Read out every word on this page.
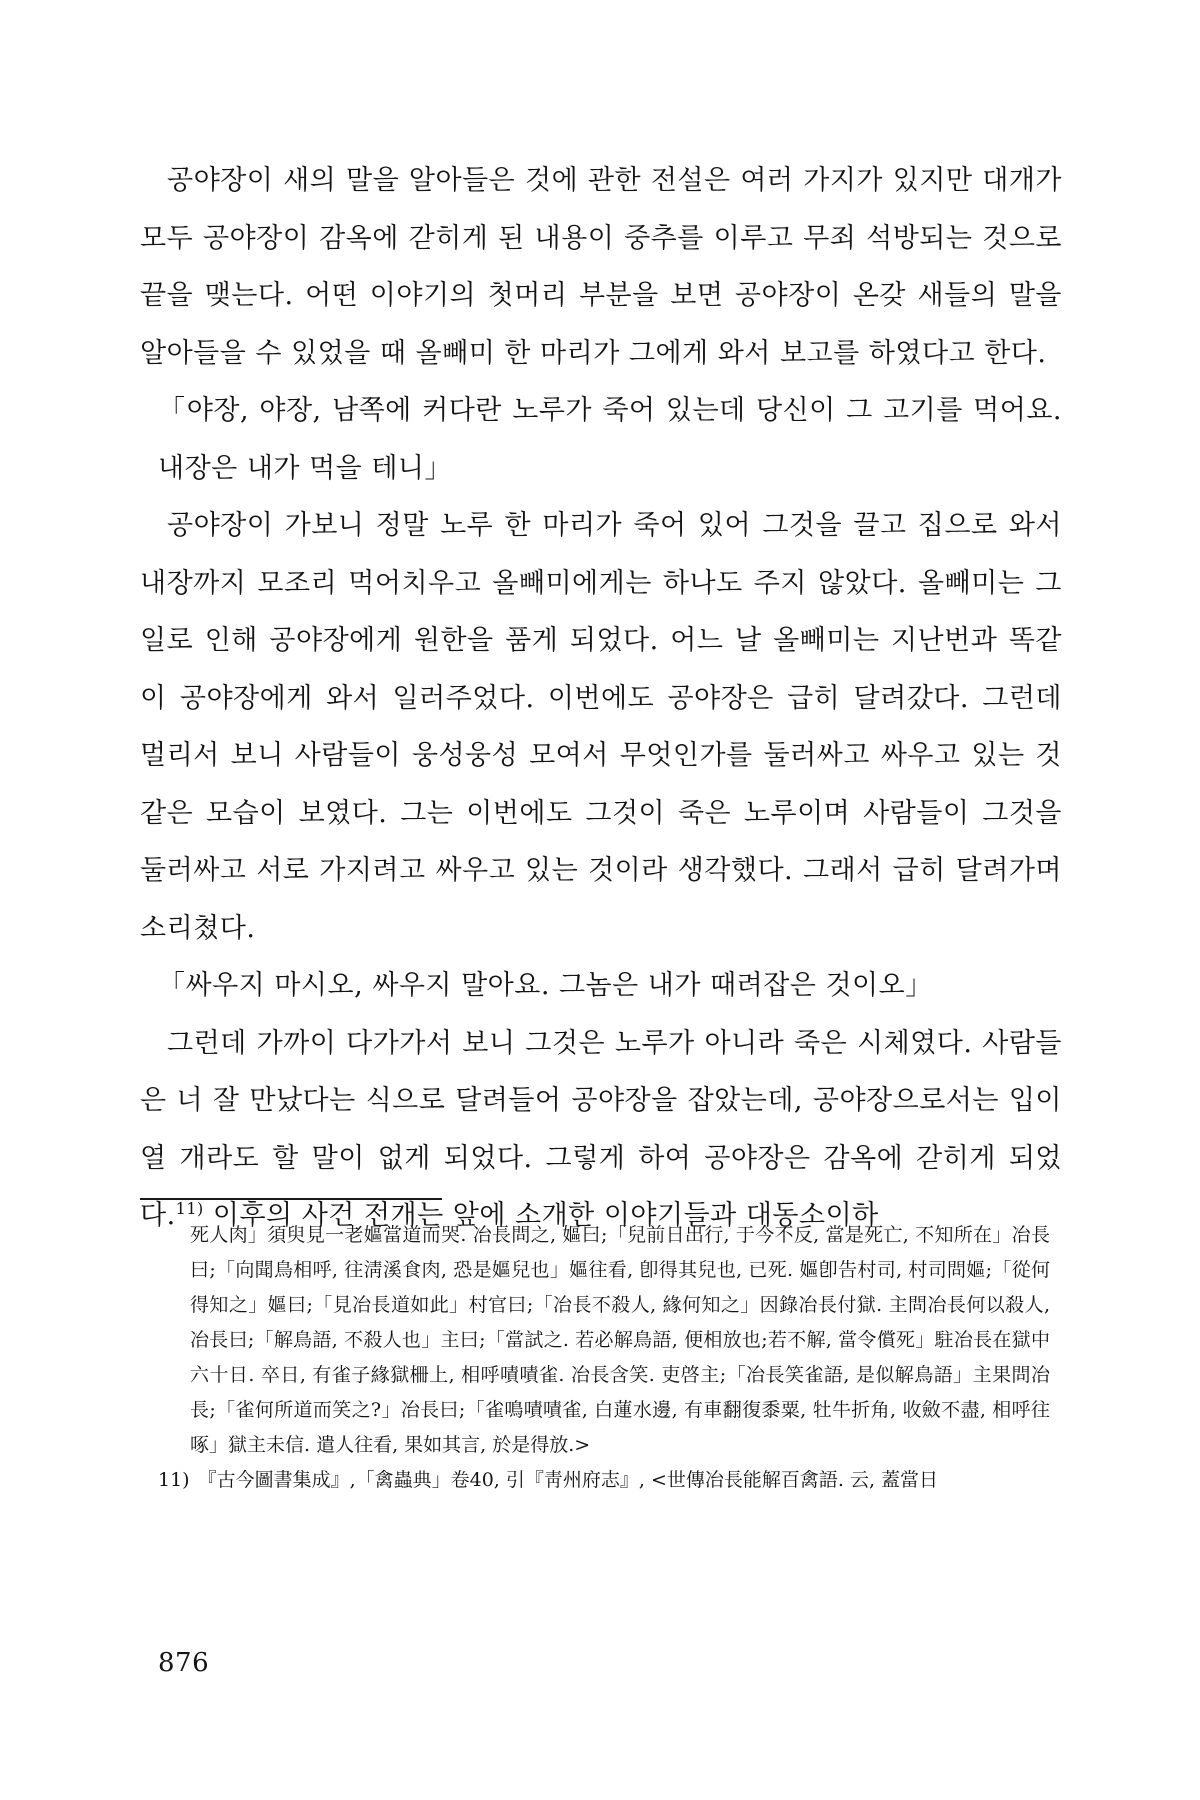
공야장이 새의 말을 알아들은 것에 관한 전설은 여러 가지가 있지만 대개가 모두 공야장이 감옥에 갇히게 된 내용이 중추를 이루고 무죄 석방되는 것으로 끝을 맺는다. 어떤 이야기의 첫머리 부분을 보면 공야장이 온갖 새들의 말을 알아들을 수 있었을 때 올빼미 한 마리가 그에게 와서 보고를 하였다고 한다.

「야장, 야장, 남쪽에 커다란 노루가 죽어 있는데 당신이 그 고기를 먹어요. 내장은 내가 먹을 테니」

공야장이 가보니 정말 노루 한 마리가 죽어 있어 그것을 끌고 집으로 와서 내장까지 모조리 먹어치우고 올빼미에게는 하나도 주지 않았다. 올빼미는 그 일로 인해 공야장에게 원한을 품게 되었다. 어느 날 올빼미는 지난번과 똑같이 공야장에게 와서 일러주었다. 이번에도 공야장은 급히 달려갔다. 그런데 멀리서 보니 사람들이 웅성웅성 모여서 무엇인가를 둘러싸고 싸우고 있는 것 같은 모습이 보였다. 그는 이번에도 그것이 죽은 노루이며 사람들이 그것을 둘러싸고 서로 가지려고 싸우고 있는 것이라 생각했다. 그래서 급히 달려가며 소리쳤다.

「싸우지 마시오, 싸우지 말아요. 그놈은 내가 때려잡은 것이오」

그런데 가까이 다가가서 보니 그것은 노루가 아니라 죽은 시체였다. 사람들은 너 잘 만났다는 식으로 달려들어 공야장을 잡았는데, 공야장으로서는 입이 열 개라도 할 말이 없게 되었다. 그렇게 하여 공야장은 감옥에 갇히게 되었다.$^{11)}$ 이후의 사건 전개는 앞에 소개한 이야기들과 대동소이하

死人肉」須臾見一老嫗當道而哭. 冶長問之, 嫗曰;「兒前日出行, 于今不反, 當是死亡, 不知所在」冶長曰;「向聞鳥相呼, 往淸溪食肉, 恐是嫗兒也」嫗往看, 卽得其兒也, 已死. 嫗卽告村司, 村司問嫗;「從何得知之」嫗曰;「見冶長道如此」村官曰;「冶長不殺人, 緣何知之」因錄冶長付獄. 主問冶長何以殺人, 冶長曰;「解鳥語, 不殺人也」主曰;「當試之. 若必解鳥語, 便相放也;若不解, 當令償死」駐冶長在獄中六十日. 卒日, 有雀子緣獄柵上, 相呼嘖嘖雀. 冶長含笑. 吏啓主;「冶長笑雀語, 是似解鳥語」主果問冶長;「雀何所道而笑之?」冶長曰;「雀鳴嘖嘖雀, 白蓮水邊, 有車翻復黍粟, 牡牛折角, 收斂不盡, 相呼往啄」獄主未信. 遣人往看, 果如其言, 於是得放.>

11) 『古今圖書集成』,「禽蟲典」卷40, 引『靑州府志』, <世傳冶長能解百禽語. 云, 蓋當日

876
